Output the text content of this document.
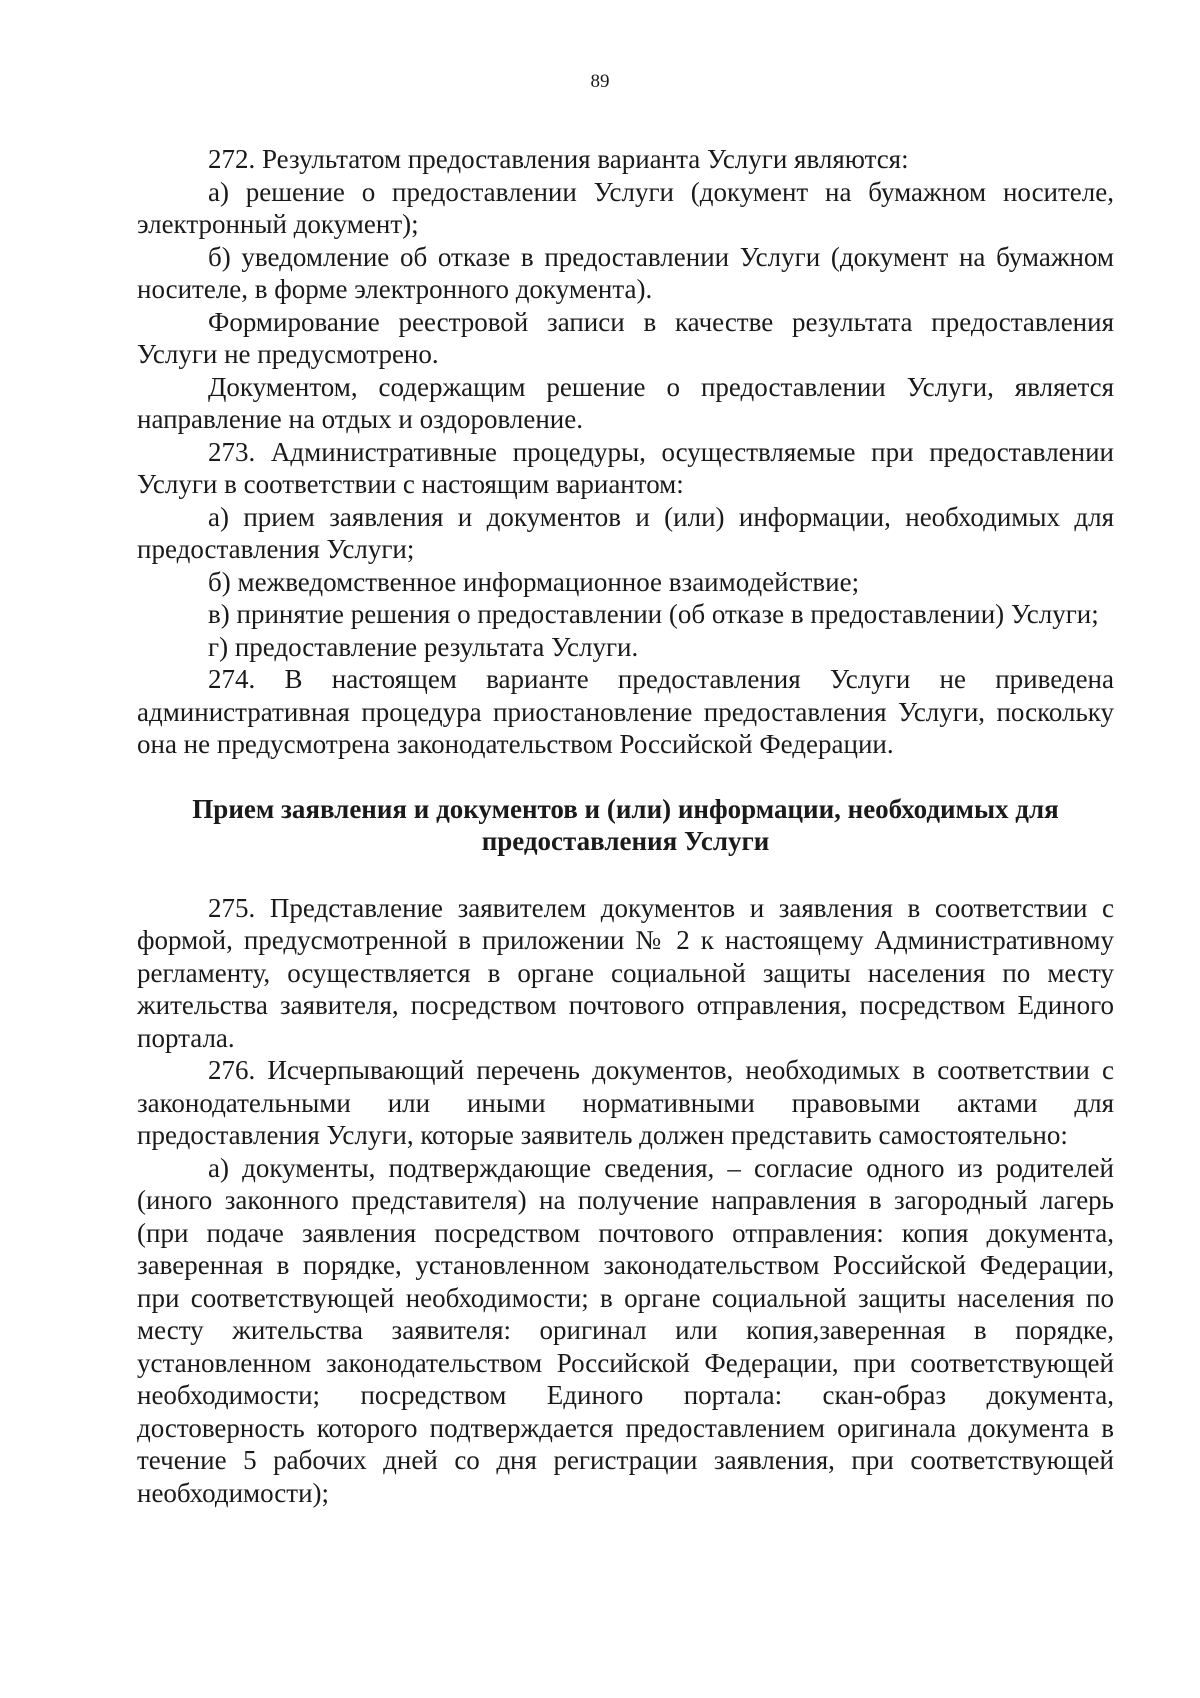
89

272. Результатом предоставления варианта Услуги являются:

а) решение о предоставлении Услуги (документ на бумажном носителе, электронный документ);

б) уведомление об отказе в предоставлении Услуги (документ на бумажном носителе, в форме электронного документа).

Формирование реестровой записи в качестве результата предоставления Услуги не предусмотрено.

Документом, содержащим решение о предоставлении Услуги, является направление на отдых и оздоровление.

273. Административные процедуры, осуществляемые при предоставлении Услуги в соответствии с настоящим вариантом:

а) прием заявления и документов и (или) информации, необходимых для предоставления Услуги;

б) межведомственное информационное взаимодействие;

в) принятие решения о предоставлении (об отказе в предоставлении) Услуги;

г) предоставление результата Услуги.

274. В настоящем варианте предоставления Услуги не приведена административная процедура приостановление предоставления Услуги, поскольку она не предусмотрена законодательством Российской Федерации.

Прием заявления и документов и (или) информации, необходимых для
предоставления Услуги

275. Представление заявителем документов и заявления в соответствии с формой, предусмотренной в приложении № 2 к настоящему Административному регламенту, осуществляется в органе социальной защиты населения по месту жительства заявителя, посредством почтового отправления, посредством Единого портала.

276. Исчерпывающий перечень документов, необходимых в соответствии с законодательными или иными нормативными правовыми актами для предоставления Услуги, которые заявитель должен представить самостоятельно:

а) документы, подтверждающие сведения, – согласие одного из родителей (иного законного представителя) на получение направления в загородный лагерь (при подаче заявления посредством почтового отправления: копия документа, заверенная в порядке, установленном законодательством Российской Федерации, при соответствующей необходимости; в органе социальной защиты населения по месту жительства заявителя: оригинал или копия,заверенная в порядке, установленном законодательством Российской Федерации, при соответствующей необходимости; посредством Единого портала: скан-образ документа, достоверность которого подтверждается предоставлением оригинала документа в течение 5 рабочих дней со дня регистрации заявления, при соответствующей необходимости);
